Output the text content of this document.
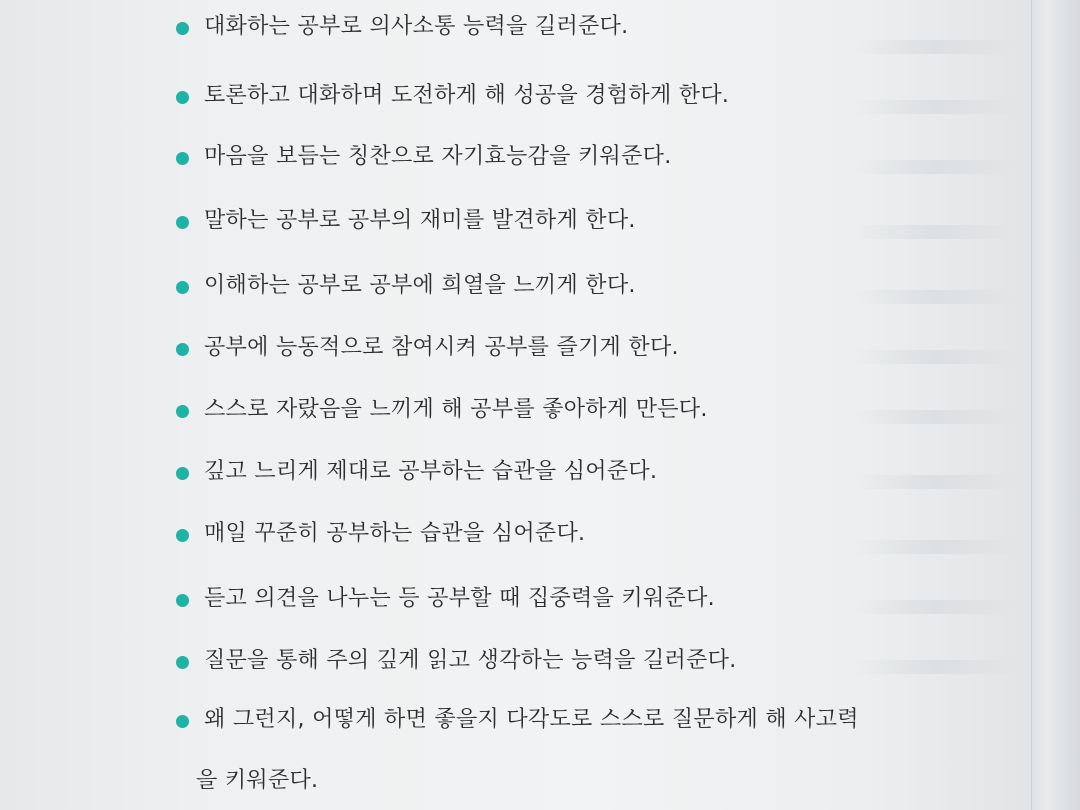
대화하는 공부로 의사소통 능력을 길러준다.
토론하고 대화하며 도전하게 해 성공을 경험하게 한다.
마음을 보듬는 칭찬으로 자기효능감을 키워준다.
말하는 공부로 공부의 재미를 발견하게 한다.
이해하는 공부로 공부에 희열을 느끼게 한다.
공부에 능동적으로 참여시켜 공부를 즐기게 한다.
스스로 자랐음을 느끼게 해 공부를 좋아하게 만든다.
깊고 느리게 제대로 공부하는 습관을 심어준다.
매일 꾸준히 공부하는 습관을 심어준다.
듣고 의견을 나누는 등 공부할 때 집중력을 키워준다.
질문을 통해 주의 깊게 읽고 생각하는 능력을 길러준다.
왜 그런지, 어떻게 하면 좋을지 다각도로 스스로 질문하게 해 사고력
을 키워준다.
